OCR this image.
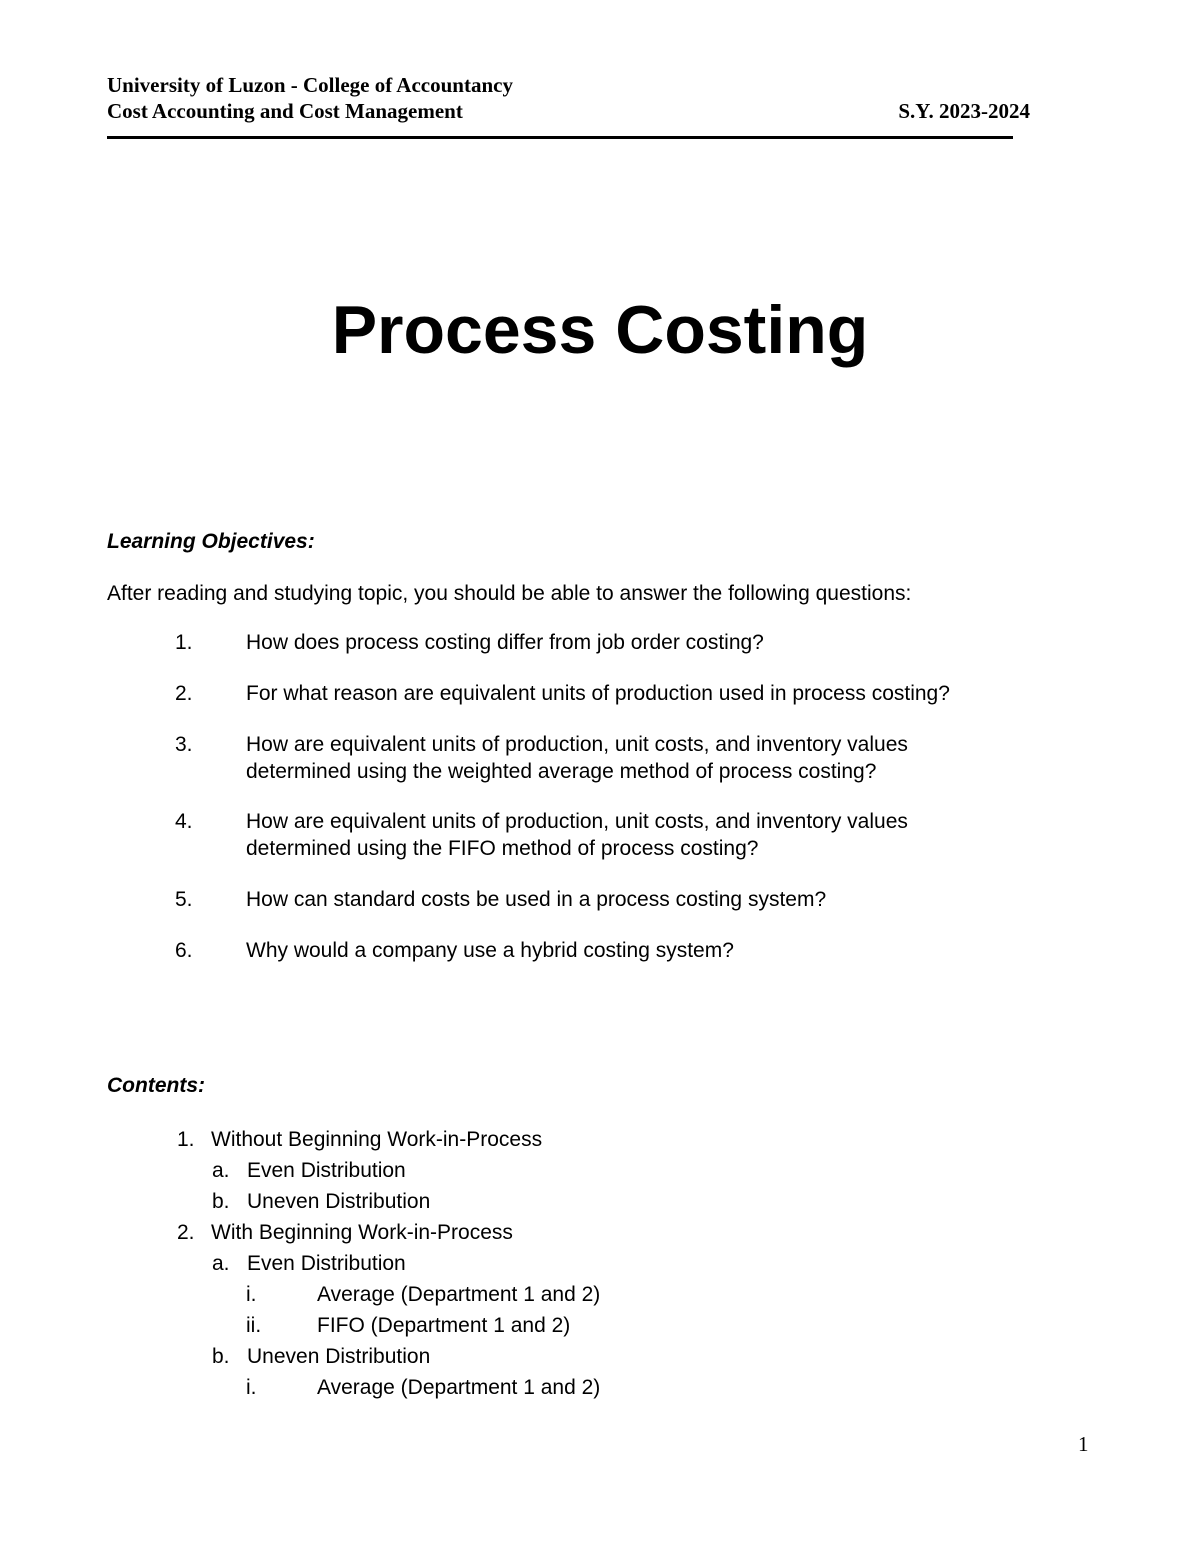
University of Luzon - College of Accountancy
Cost Accounting and Cost Management	S.Y. 2023-2024
Process Costing
Learning Objectives:
After reading and studying topic, you should be able to answer the following questions:
1.	How does process costing differ from job order costing?
2.	For what reason are equivalent units of production used in process costing?
3.	How are equivalent units of production, unit costs, and inventory values determined using the weighted average method of process costing?
4.	How are equivalent units of production, unit costs, and inventory values determined using the FIFO method of process costing?
5.	How can standard costs be used in a process costing system?
6.	Why would a company use a hybrid costing system?
Contents:
1. Without Beginning Work-in-Process
a. Even Distribution
b. Uneven Distribution
2. With Beginning Work-in-Process
a. Even Distribution
i.	Average (Department 1 and 2)
ii.	FIFO (Department 1 and 2)
b. Uneven Distribution
i.	Average (Department 1 and 2)
1
